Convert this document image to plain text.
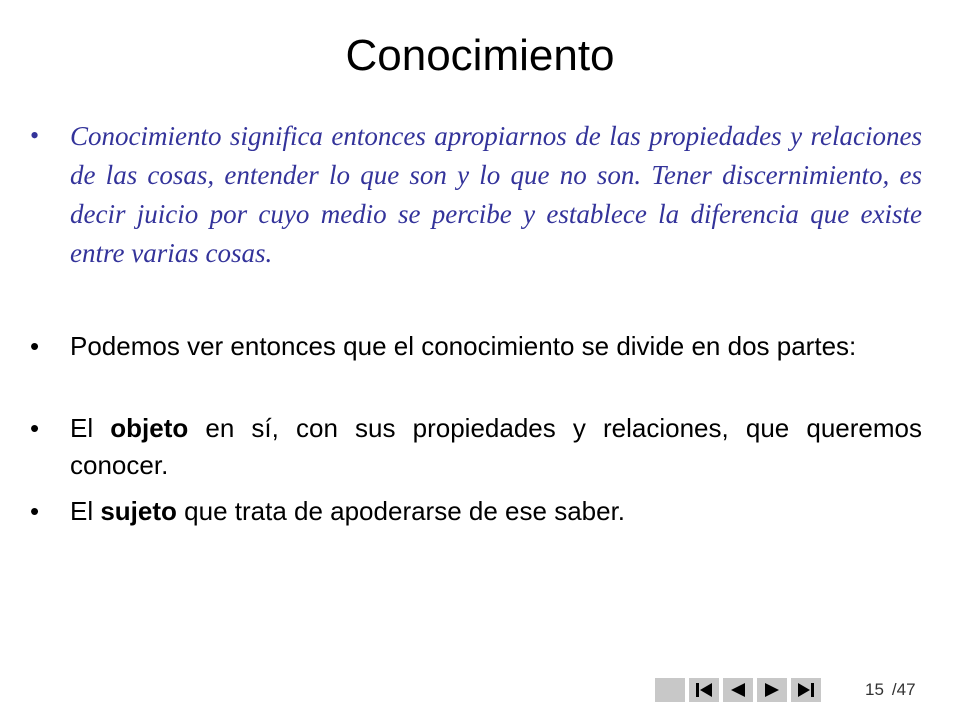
Conocimiento
•	Conocimiento significa entonces apropiarnos de las propiedades y relaciones de las cosas, entender lo que son y lo que no son. Tener discernimiento, es decir juicio por cuyo medio se percibe y establece la diferencia que existe entre varias cosas.
•	Podemos ver entonces que el conocimiento se divide en dos partes:
•	El objeto en sí, con sus propiedades y relaciones, que queremos conocer.
•	El sujeto que trata de apoderarse de ese saber.
15 /47
